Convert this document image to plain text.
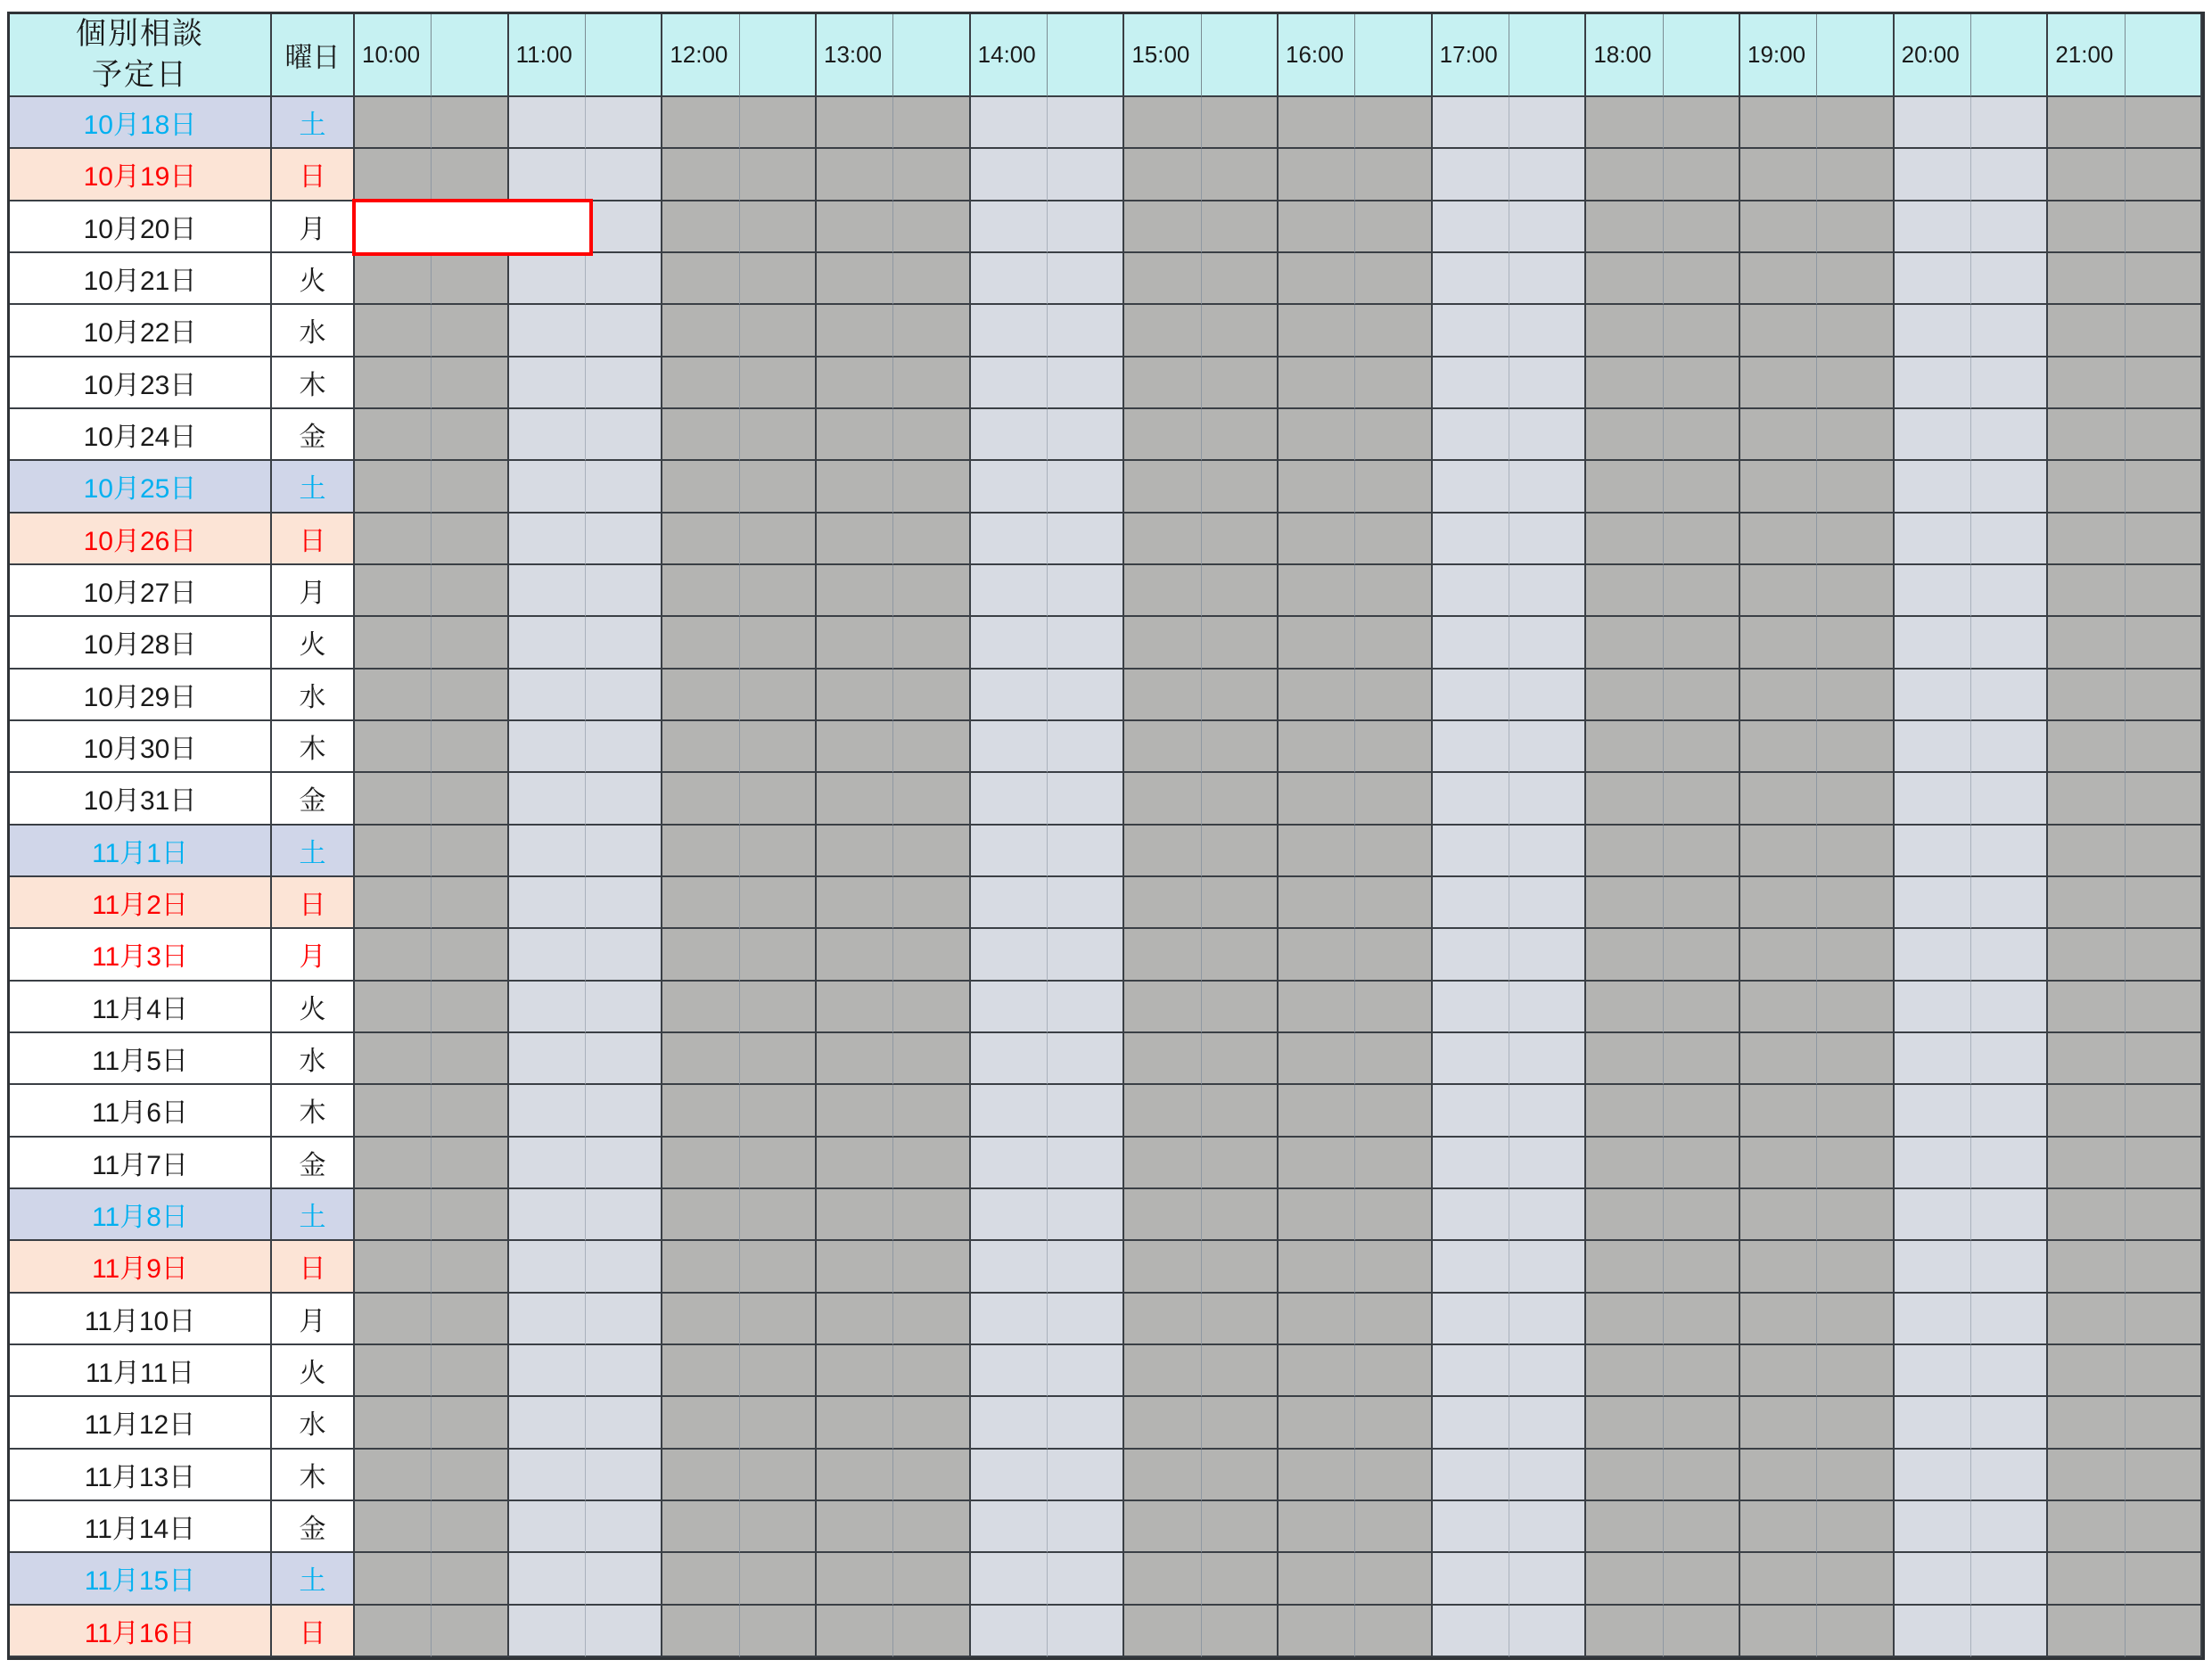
個別相談
予定日	曜日 10:00	11:00	12:00	13:00	14:00	15:00	16:00	17:00	18:00	19:00	20:00	21:00
10月18日	土
10月19日	日
10月20日	月
10月21日	火
10月22日	水
10月23日	木
10月24日	金
10月25日	土
10月26日	日
10月27日	月
10月28日	火
10月29日	水
10月30日	木
10月31日	金
11月1日	土
11月2日	日
11月3日	月
11月4日	火
11月5日	水
11月6日	木
11月7日	金
11月8日	土
11月9日	日
11月10日	月
11月11日	火
11月12日	水
11月13日	木
11月14日	金
11月15日	土
11月16日	日
